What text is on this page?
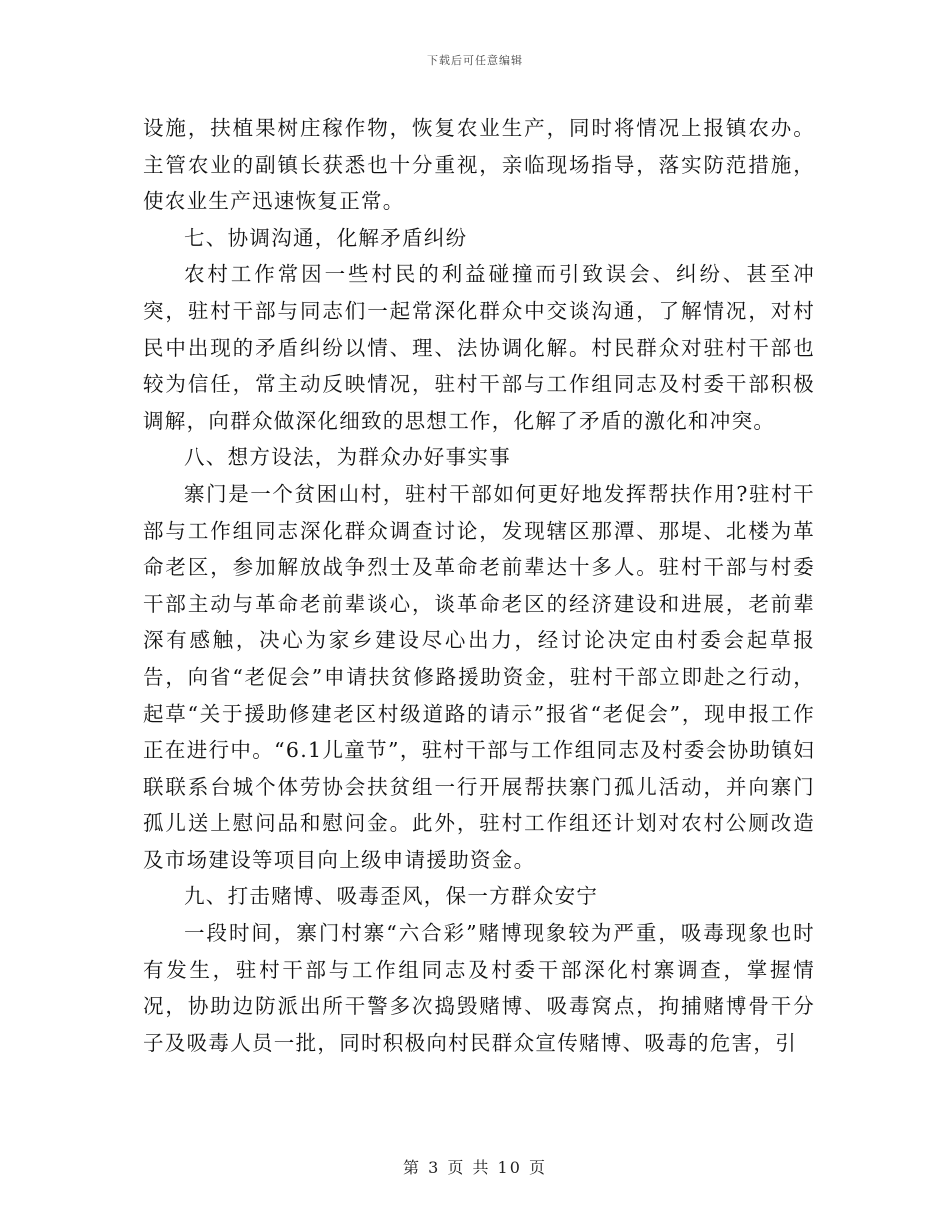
下载后可任意编辑

设施，扶植果树庄稼作物，恢复农业生产，同时将情况上报镇农办。主管农业的副镇长获悉也十分重视，亲临现场指导，落实防范措施，使农业生产迅速恢复正常。

七、协调沟通，化解矛盾纠纷

农村工作常因一些村民的利益碰撞而引致误会、纠纷、甚至冲突，驻村干部与同志们一起常深化群众中交谈沟通，了解情况，对村民中出现的矛盾纠纷以情、理、法协调化解。村民群众对驻村干部也较为信任，常主动反映情况，驻村干部与工作组同志及村委干部积极调解，向群众做深化细致的思想工作，化解了矛盾的激化和冲突。

八、想方设法，为群众办好事实事

寨门是一个贫困山村，驻村干部如何更好地发挥帮扶作用?驻村干部与工作组同志深化群众调查讨论，发现辖区那潭、那堤、北楼为革命老区，参加解放战争烈士及革命老前辈达十多人。驻村干部与村委干部主动与革命老前辈谈心，谈革命老区的经济建设和进展，老前辈深有感触，决心为家乡建设尽心出力，经讨论决定由村委会起草报告，向省“老促会”申请扶贫修路援助资金，驻村干部立即赴之行动，起草“关于援助修建老区村级道路的请示”报省“老促会”，现申报工作正在进行中。“6.1儿童节”，驻村干部与工作组同志及村委会协助镇妇联联系台城个体劳协会扶贫组一行开展帮扶寨门孤儿活动，并向寨门孤儿送上慰问品和慰问金。此外，驻村工作组还计划对农村公厕改造及市场建设等项目向上级申请援助资金。

九、打击赌博、吸毒歪风，保一方群众安宁

一段时间，寨门村寨“六合彩”赌博现象较为严重，吸毒现象也时有发生，驻村干部与工作组同志及村委干部深化村寨调查，掌握情况，协助边防派出所干警多次捣毁赌博、吸毒窝点，拘捕赌博骨干分子及吸毒人员一批，同时积极向村民群众宣传赌博、吸毒的危害，引

第 3 页 共 10 页
